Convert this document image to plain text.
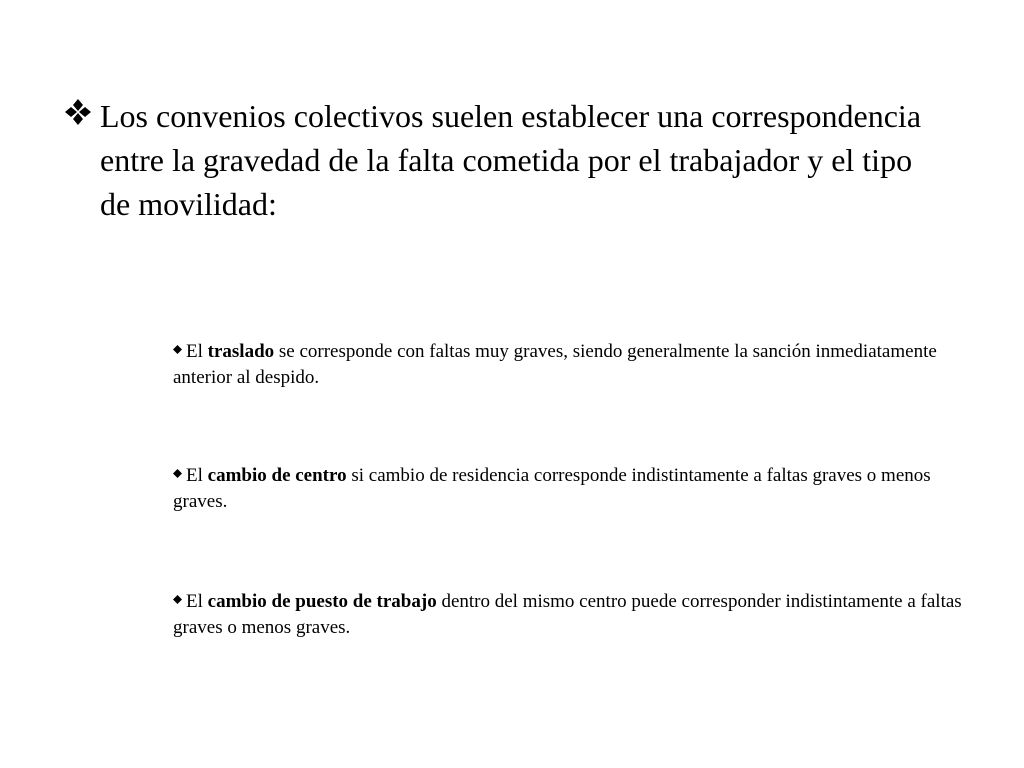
Los convenios colectivos suelen establecer una correspondencia entre la gravedad de la falta cometida por el trabajador y el tipo de movilidad:

El traslado se corresponde con faltas muy graves, siendo generalmente la sanción inmediatamente anterior al despido.

El cambio de centro si cambio de residencia corresponde indistintamente a faltas graves o menos graves.

El cambio de puesto de trabajo dentro del mismo centro puede corresponder indistintamente a faltas graves o menos graves.
